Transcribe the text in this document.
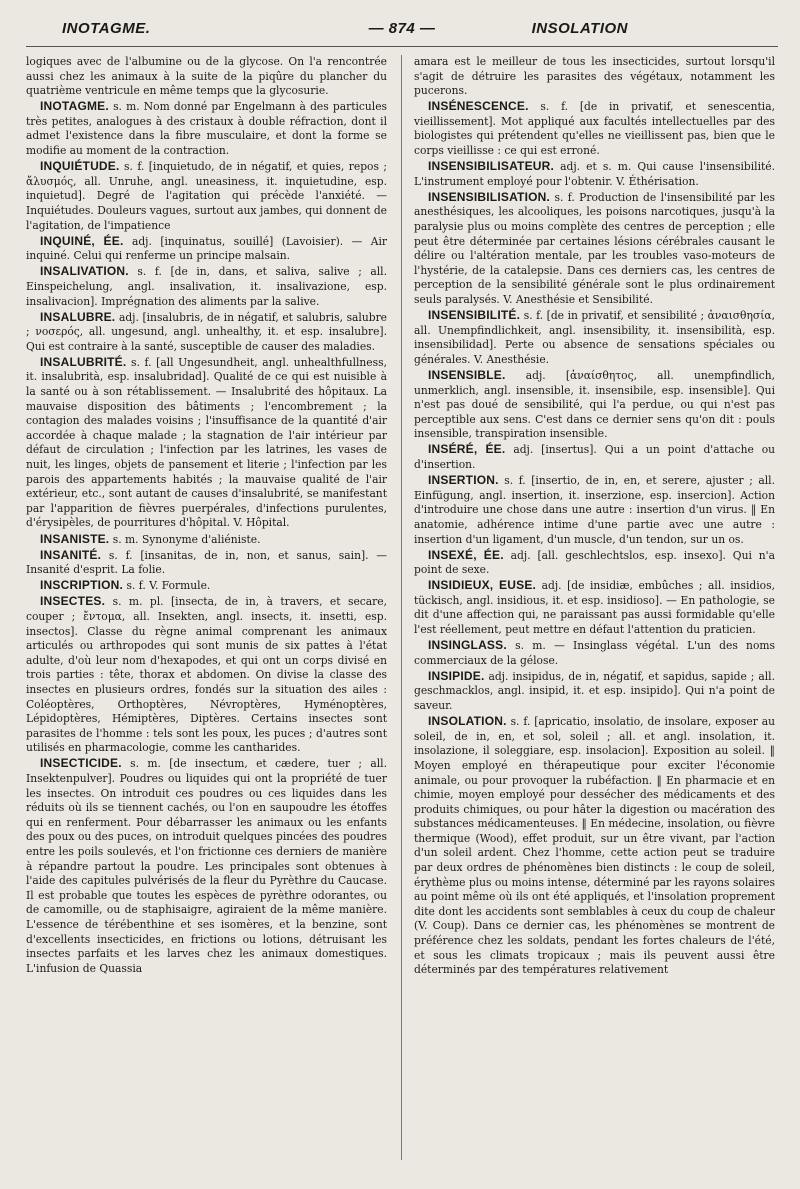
INOTAGME.	— 874 —	INSOLATION

logiques avec de l'albumine ou de la glycose. On l'a rencontrée aussi chez les animaux à la suite de la piqûre du plancher du quatrième ventricule en même temps que la glycosurie.

INOTAGME. s. m. Nom donné par Engelmann à des particules très petites, analogues à des cristaux à double réfraction, dont il admet l'existence dans la fibre musculaire, et dont la forme se modifie au moment de la contraction.

INQUIÉTUDE. s. f. [inquietudo, de in négatif, et quies, repos ; ἄλυσμός, all. Unruhe, angl. uneasiness, it. inquietudine, esp. inquietud]. Degré de l'agitation qui précède l'anxiété. — Inquiétudes. Douleurs vagues, surtout aux jambes, qui donnent de l'agitation, de l'impatience

INQUINÉ, ÉE. adj. [inquinatus, souillé] (Lavoisier). — Air inquiné. Celui qui renferme un principe malsain.

INSALIVATION. s. f. [de in, dans, et saliva, salive ; all. Einspeichelung, angl. insalivation, it. insalivazione, esp. insalivacion]. Imprégnation des aliments par la salive.

INSALUBRE. adj. [insalubris, de in négatif, et salubris, salubre ; νοσερός, all. ungesund, angl. unhealthy, it. et esp. insalubre]. Qui est contraire à la santé, susceptible de causer des maladies.

INSALUBRITÉ. s. f. [all Ungesundheit, angl. unhealthfullness, it. insalubrità, esp. insalubridad]. Qualité de ce qui est nuisible à la santé ou à son rétablissement. — Insalubrité des hôpitaux. La mauvaise disposition des bâtiments ; l'encombrement ; la contagion des malades voisins ; l'insuffisance de la quantité d'air accordée à chaque malade ; la stagnation de l'air intérieur par défaut de circulation ; l'infection par les latrines, les vases de nuit, les linges, objets de pansement et literie ; l'infection par les parois des appartements habités ; la mauvaise qualité de l'air extérieur, etc., sont autant de causes d'insalubrité, se manifestant par l'apparition de fièvres puerpérales, d'infections purulentes, d'érysipèles, de pourritures d'hôpital. V. Hôpital.

INSANISTE. s. m. Synonyme d'aliéniste.

INSANITÉ. s. f. [insanitas, de in, non, et sanus, sain]. — Insanité d'esprit. La folie.

INSCRIPTION. s. f. V. Formule.

INSECTES. s. m. pl. [insecta, de in, à travers, et secare, couper ; ἔντομα, all. Insekten, angl. insects, it. insetti, esp. insectos]. Classe du règne animal comprenant les animaux articulés ou arthropodes qui sont munis de six pattes à l'état adulte, d'où leur nom d'hexapodes, et qui ont un corps divisé en trois parties : tête, thorax et abdomen. On divise la classe des insectes en plusieurs ordres, fondés sur la situation des ailes : Coléoptères, Orthoptères, Névroptères, Hyménoptères, Lépidoptères, Hémiptères, Diptères. Certains insectes sont parasites de l'homme : tels sont les poux, les puces ; d'autres sont utilisés en pharmacologie, comme les cantharides.

INSECTICIDE. s. m. [de insectum, et cædere, tuer ; all. Insektenpulver]. Poudres ou liquides qui ont la propriété de tuer les insectes. On introduit ces poudres ou ces liquides dans les réduits où ils se tiennent cachés, ou l'on en saupoudre les étoffes qui en renferment. Pour débarrasser les animaux ou les enfants des poux ou des puces, on introduit quelques pincées des poudres entre les poils soulevés, et l'on frictionne ces derniers de manière à répandre partout la poudre. Les principales sont obtenues à l'aide des capitules pulvérisés de la fleur du Pyrèthre du Caucase. Il est probable que toutes les espèces de pyrèthre odorantes, ou de camomille, ou de staphisaigre, agiraient de la même manière. L'essence de térébenthine et ses isomères, et la benzine, sont d'excellents insecticides, en frictions ou lotions, détruisant les insectes parfaits et les larves chez les animaux domestiques. L'infusion de Quassia

amara est le meilleur de tous les insecticides, surtout lorsqu'il s'agit de détruire les parasites des végétaux, notamment les pucerons.

INSÉNESCENCE. s. f. [de in privatif, et senescentia, vieillissement]. Mot appliqué aux facultés intellectuelles par des biologistes qui prétendent qu'elles ne vieillissent pas, bien que le corps vieillisse : ce qui est erroné.

INSENSIBILISATEUR. adj. et s. m. Qui cause l'insensibilité. L'instrument employé pour l'obtenir. V. Éthérisation.

INSENSIBILISATION. s. f. Production de l'insensibilité par les anesthésiques, les alcooliques, les poisons narcotiques, jusqu'à la paralysie plus ou moins complète des centres de perception ; elle peut être déterminée par certaines lésions cérébrales causant le délire ou l'altération mentale, par les troubles vaso-moteurs de l'hystérie, de la catalepsie. Dans ces derniers cas, les centres de perception de la sensibilité générale sont le plus ordinairement seuls paralysés. V. Anesthésie et Sensibilité.

INSENSIBILITÉ. s. f. [de in privatif, et sensibilité ; ἀναισθησία, all. Unempfindlichkeit, angl. insensibility, it. insensibilità, esp. insensibilidad]. Perte ou absence de sensations spéciales ou générales. V. Anesthésie.

INSENSIBLE. adj. [ἀναίσθητος, all. unempfindlich, unmerklich, angl. insensible, it. insensibile, esp. insensible]. Qui n'est pas doué de sensibilité, qui l'a perdue, ou qui n'est pas perceptible aux sens. C'est dans ce dernier sens qu'on dit : pouls insensible, transpiration insensible.

INSÉRÉ, ÉE. adj. [insertus]. Qui a un point d'attache ou d'insertion.

INSERTION. s. f. [insertio, de in, en, et serere, ajuster ; all. Einfügung, angl. insertion, it. inserzione, esp. insercion]. Action d'introduire une chose dans une autre : insertion d'un virus. ‖ En anatomie, adhérence intime d'une partie avec une autre : insertion d'un ligament, d'un muscle, d'un tendon, sur un os.

INSEXÉ, ÉE. adj. [all. geschlechtslos, esp. insexo]. Qui n'a point de sexe.

INSIDIEUX, EUSE. adj. [de insidiæ, embûches ; all. insidios, tückisch, angl. insidious, it. et esp. insidioso]. — En pathologie, se dit d'une affection qui, ne paraissant pas aussi formidable qu'elle l'est réellement, peut mettre en défaut l'attention du praticien.

INSINGLASS. s. m. — Insinglass végétal. L'un des noms commerciaux de la gélose.

INSIPIDE. adj. insipidus, de in, négatif, et sapidus, sapide ; all. geschmacklos, angl. insipid, it. et esp. insipido]. Qui n'a point de saveur.

INSOLATION. s. f. [apricatio, insolatio, de insolare, exposer au soleil, de in, en, et sol, soleil ; all. et angl. insolation, it. insolazione, il soleggiare, esp. insolacion]. Exposition au soleil. ‖ Moyen employé en thérapeutique pour exciter l'économie animale, ou pour provoquer la rubéfaction. ‖ En pharmacie et en chimie, moyen employé pour dessécher des médicaments et des produits chimiques, ou pour hâter la digestion ou macération des substances médicamenteuses. ‖ En médecine, insolation, ou fièvre thermique (Wood), effet produit, sur un être vivant, par l'action d'un soleil ardent. Chez l'homme, cette action peut se traduire par deux ordres de phénomènes bien distincts : le coup de soleil, érythème plus ou moins intense, déterminé par les rayons solaires au point même où ils ont été appliqués, et l'insolation proprement dite dont les accidents sont semblables à ceux du coup de chaleur (V. Coup). Dans ce dernier cas, les phénomènes se montrent de préférence chez les soldats, pendant les fortes chaleurs de l'été, et sous les climats tropicaux ; mais ils peuvent aussi être déterminés par des températures relativement
